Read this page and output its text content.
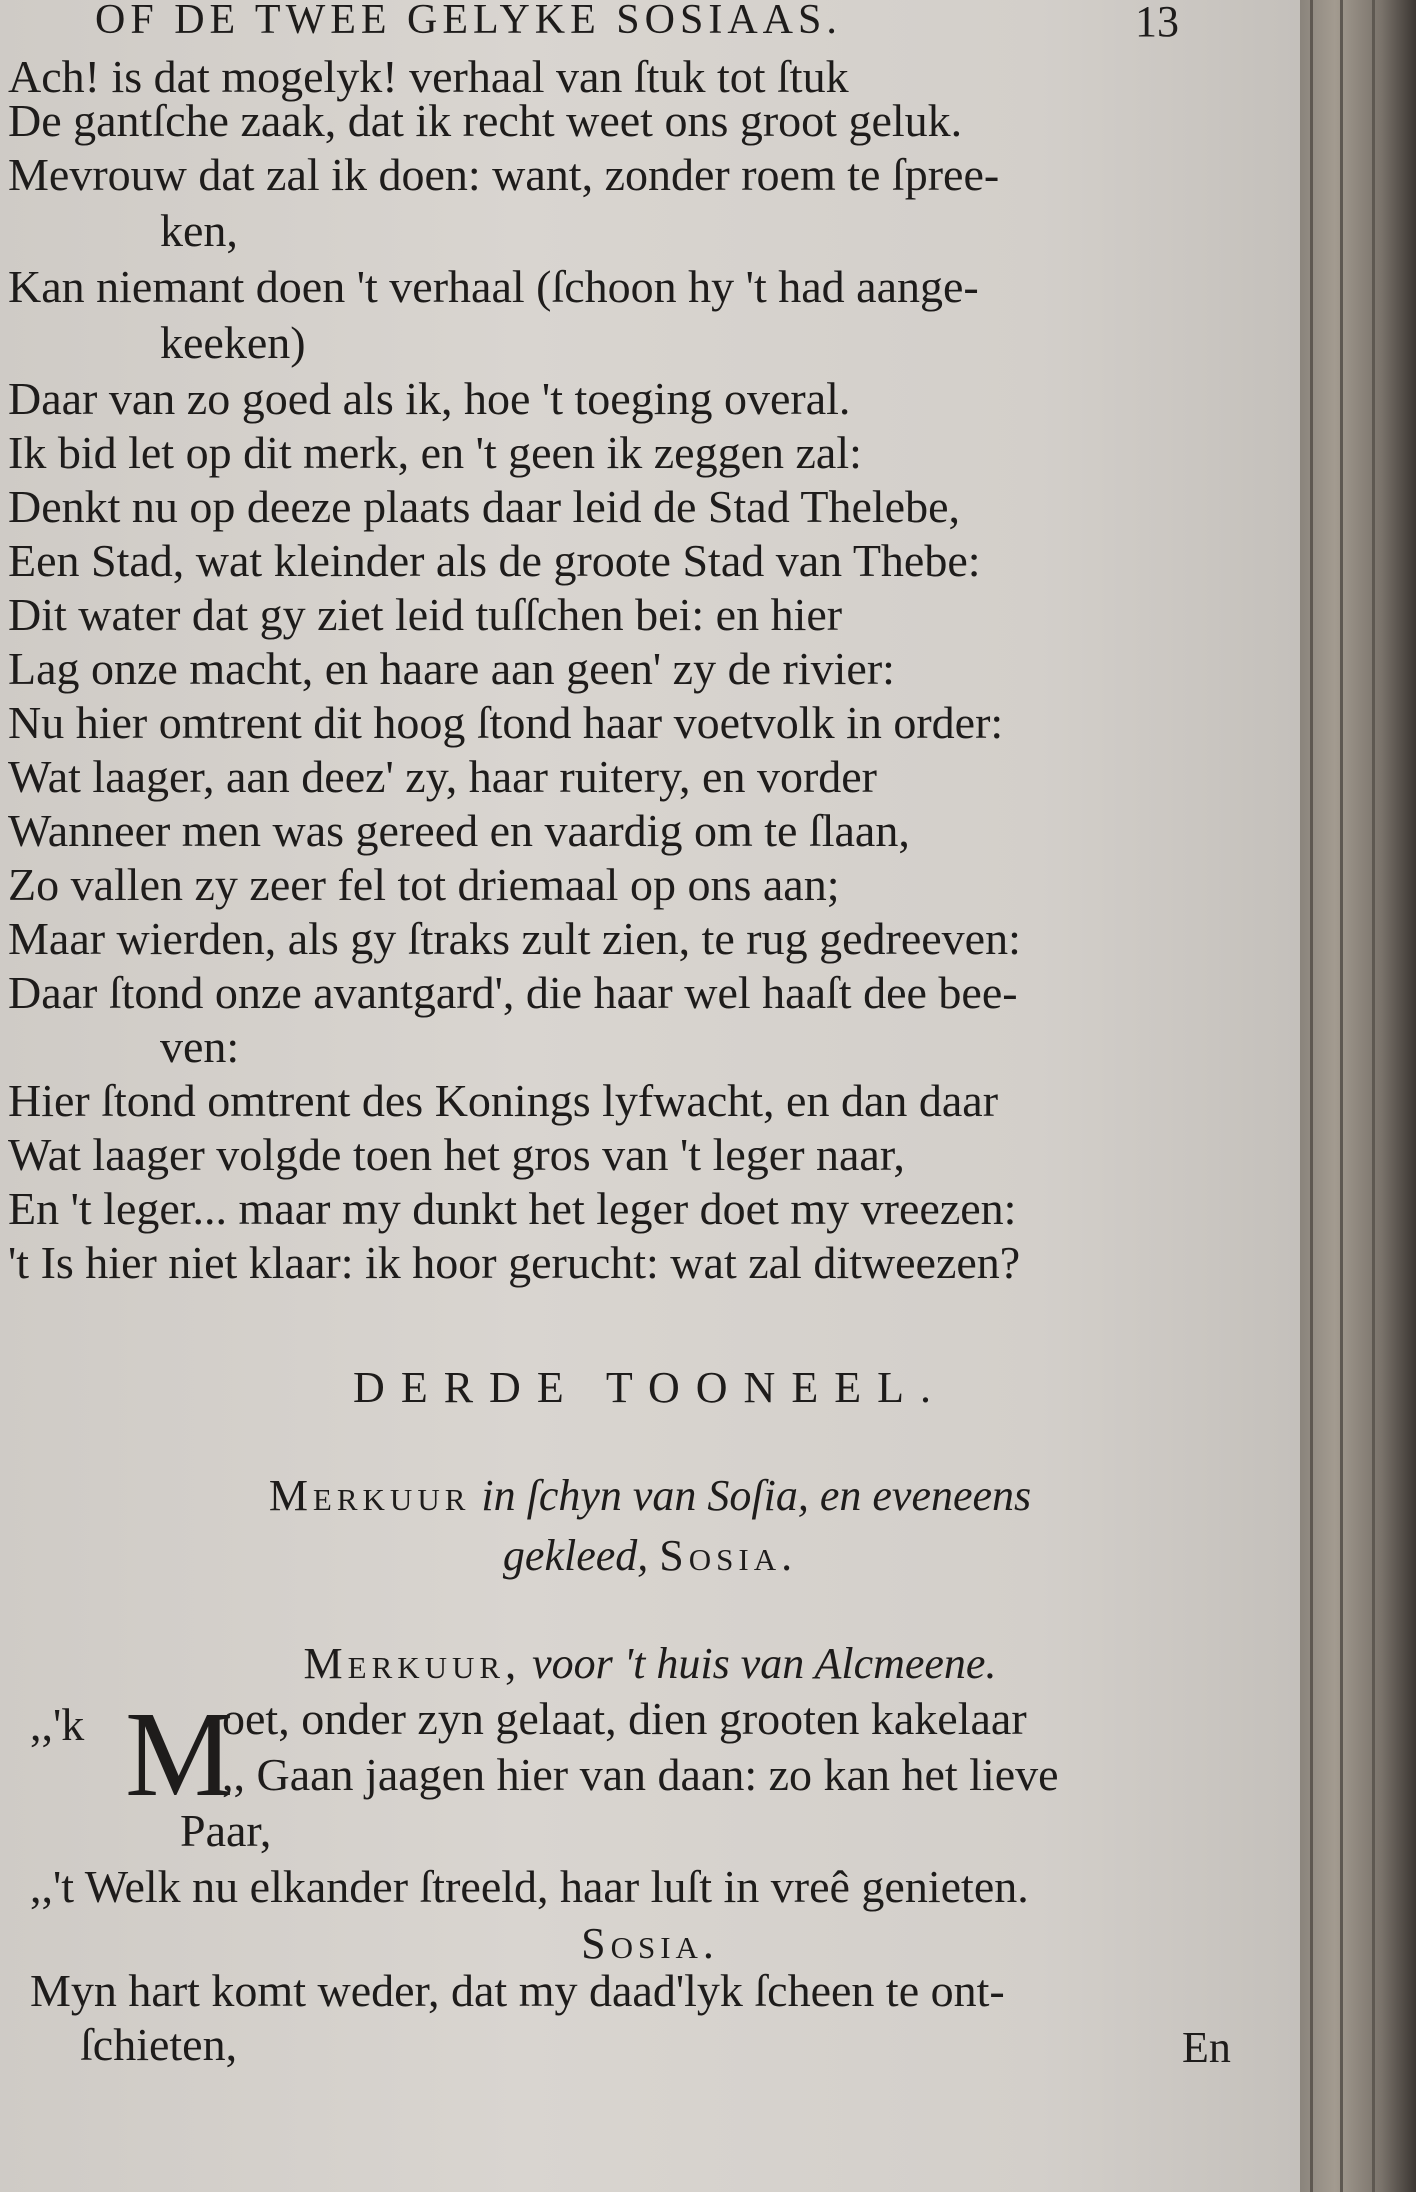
OF DE TWEE GELYKE SOSIAAS.	13
Ach! is dat mogelyk! verhaal van ſtuk tot ſtuk
De gantſche zaak, dat ik recht weet ons groot geluk.
Mevrouw dat zal ik doen: want, zonder roem te ſpree-
ken,
Kan niemant doen 't verhaal (ſchoon hy 't had aange-
keeken)
Daar van zo goed als ik, hoe 't toeging overal.
Ik bid let op dit merk, en 't geen ik zeggen zal:
Denkt nu op deeze plaats daar leid de Stad Thelebe,
Een Stad, wat kleinder als de groote Stad van Thebe:
Dit water dat gy ziet leid tuſſchen bei: en hier
Lag onze macht, en haare aan geen' zy de rivier:
Nu hier omtrent dit hoog ſtond haar voetvolk in order:
Wat laager, aan deez' zy, haar ruitery, en vorder
Wanneer men was gereed en vaardig om te ſlaan,
Zo vallen zy zeer fel tot driemaal op ons aan;
Maar wierden, als gy ſtraks zult zien, te rug gedreeven:
Daar ſtond onze avantgard', die haar wel haaſt dee bee-
ven:
Hier ſtond omtrent des Konings lyfwacht, en dan daar
Wat laager volgde toen het gros van 't leger naar,
En 't leger... maar my dunkt het leger doet my vreezen:
't Is hier niet klaar: ik hoor gerucht: wat zal ditweezen?
DERDE TOONEEL.
Merkuur in ſchyn van Soſia, en eveneens
gekleed, Sosia.
Merkuur, voor 't huis van Alcmeene.
,,'k M
oet, onder zyn gelaat, dien grooten kakelaar
,, Gaan jaagen hier van daan: zo kan het lieve
Paar,
,,'t Welk nu elkander ſtreeld, haar luſt in vreê genieten.
Sosia.
Myn hart komt weder, dat my daad'lyk ſcheen te ont-
ſchieten,	En
